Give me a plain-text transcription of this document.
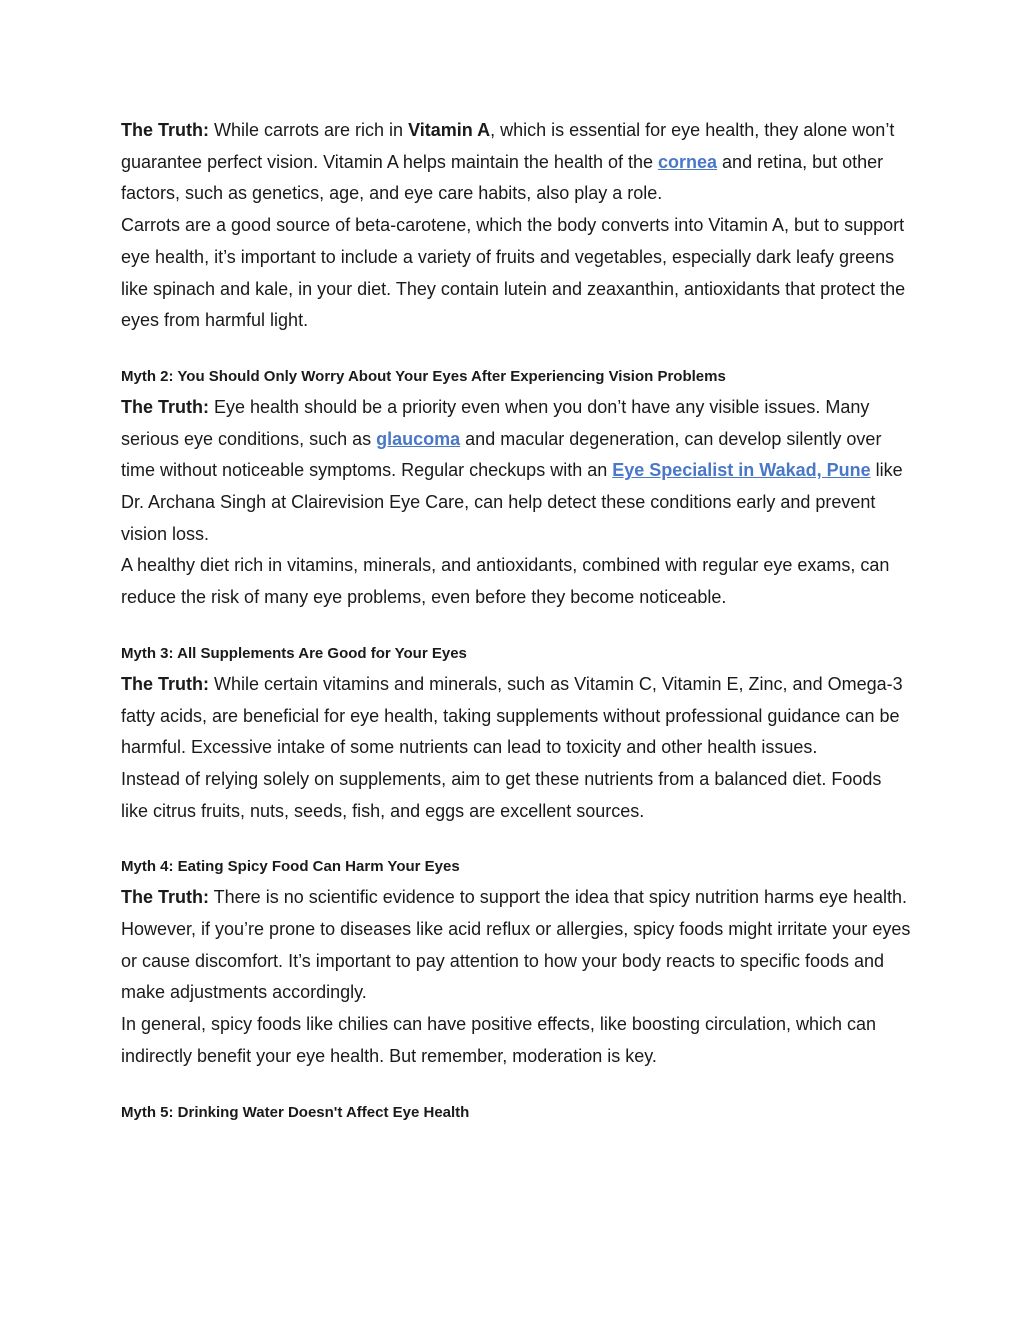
The Truth: While carrots are rich in Vitamin A, which is essential for eye health, they alone won’t guarantee perfect vision. Vitamin A helps maintain the health of the cornea and retina, but other factors, such as genetics, age, and eye care habits, also play a role.

Carrots are a good source of beta-carotene, which the body converts into Vitamin A, but to support eye health, it’s important to include a variety of fruits and vegetables, especially dark leafy greens like spinach and kale, in your diet. They contain lutein and zeaxanthin, antioxidants that protect the eyes from harmful light.

Myth 2: You Should Only Worry About Your Eyes After Experiencing Vision Problems

The Truth: Eye health should be a priority even when you don’t have any visible issues. Many serious eye conditions, such as glaucoma and macular degeneration, can develop silently over time without noticeable symptoms. Regular checkups with an Eye Specialist in Wakad, Pune like Dr. Archana Singh at Clairevision Eye Care, can help detect these conditions early and prevent vision loss.

A healthy diet rich in vitamins, minerals, and antioxidants, combined with regular eye exams, can reduce the risk of many eye problems, even before they become noticeable.

Myth 3: All Supplements Are Good for Your Eyes

The Truth: While certain vitamins and minerals, such as Vitamin C, Vitamin E, Zinc, and Omega-3 fatty acids, are beneficial for eye health, taking supplements without professional guidance can be harmful. Excessive intake of some nutrients can lead to toxicity and other health issues.

Instead of relying solely on supplements, aim to get these nutrients from a balanced diet. Foods like citrus fruits, nuts, seeds, fish, and eggs are excellent sources.

Myth 4: Eating Spicy Food Can Harm Your Eyes

The Truth: There is no scientific evidence to support the idea that spicy nutrition harms eye health. However, if you’re prone to diseases like acid reflux or allergies, spicy foods might irritate your eyes or cause discomfort. It’s important to pay attention to how your body reacts to specific foods and make adjustments accordingly.

In general, spicy foods like chilies can have positive effects, like boosting circulation, which can indirectly benefit your eye health. But remember, moderation is key.

Myth 5: Drinking Water Doesn't Affect Eye Health
